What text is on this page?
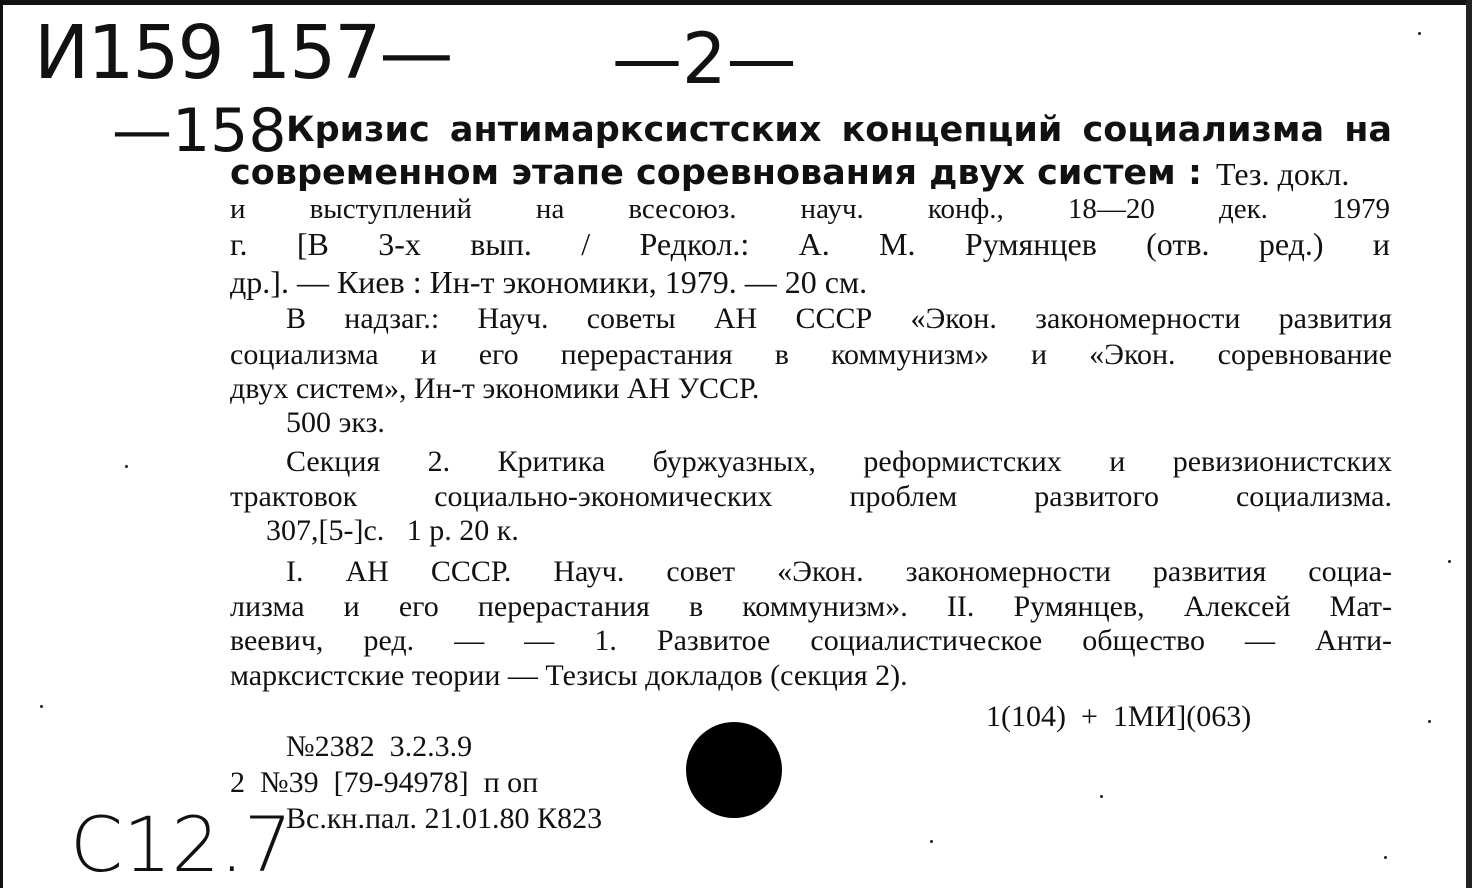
И159 157— —2—
—158
С12.7
Кризис антимарксистских концепций социализма на
современном этапе соревнования двух систем : Тез. докл.
и выступлений на всесоюз. науч. конф., 18—20 дек. 1979
г. [В 3-х вып. / Редкол.: А. М. Румянцев (отв. ред.) и
др.]. — Киев : Ин-т экономики, 1979. — 20 см.
В надзаг.: Науч. советы АН СССР «Экон. закономерности развития
социализма и его перерастания в коммунизм» и «Экон. соревнование
двух систем», Ин-т экономики АН УССР.
500 экз.
Секция 2. Критика буржуазных, реформистских и ревизионистских
трактовок социально-экономических проблем развитого социализма.
307,[5-]с.   1 р. 20 к.
I. АН СССР. Науч. совет «Экон. закономерности развития социа-
лизма и его перерастания в коммунизм». II. Румянцев, Алексей Мат-
веевич, ред. — — 1. Развитое социалистическое общество — Анти-
марксистские теории — Тезисы докладов (секция 2).
1(104)  +  1МИ](063)
№2382  3.2.3.9
2  №39  [79-94978]  п оп
Вс.кн.пал. 21.01.80 К823
